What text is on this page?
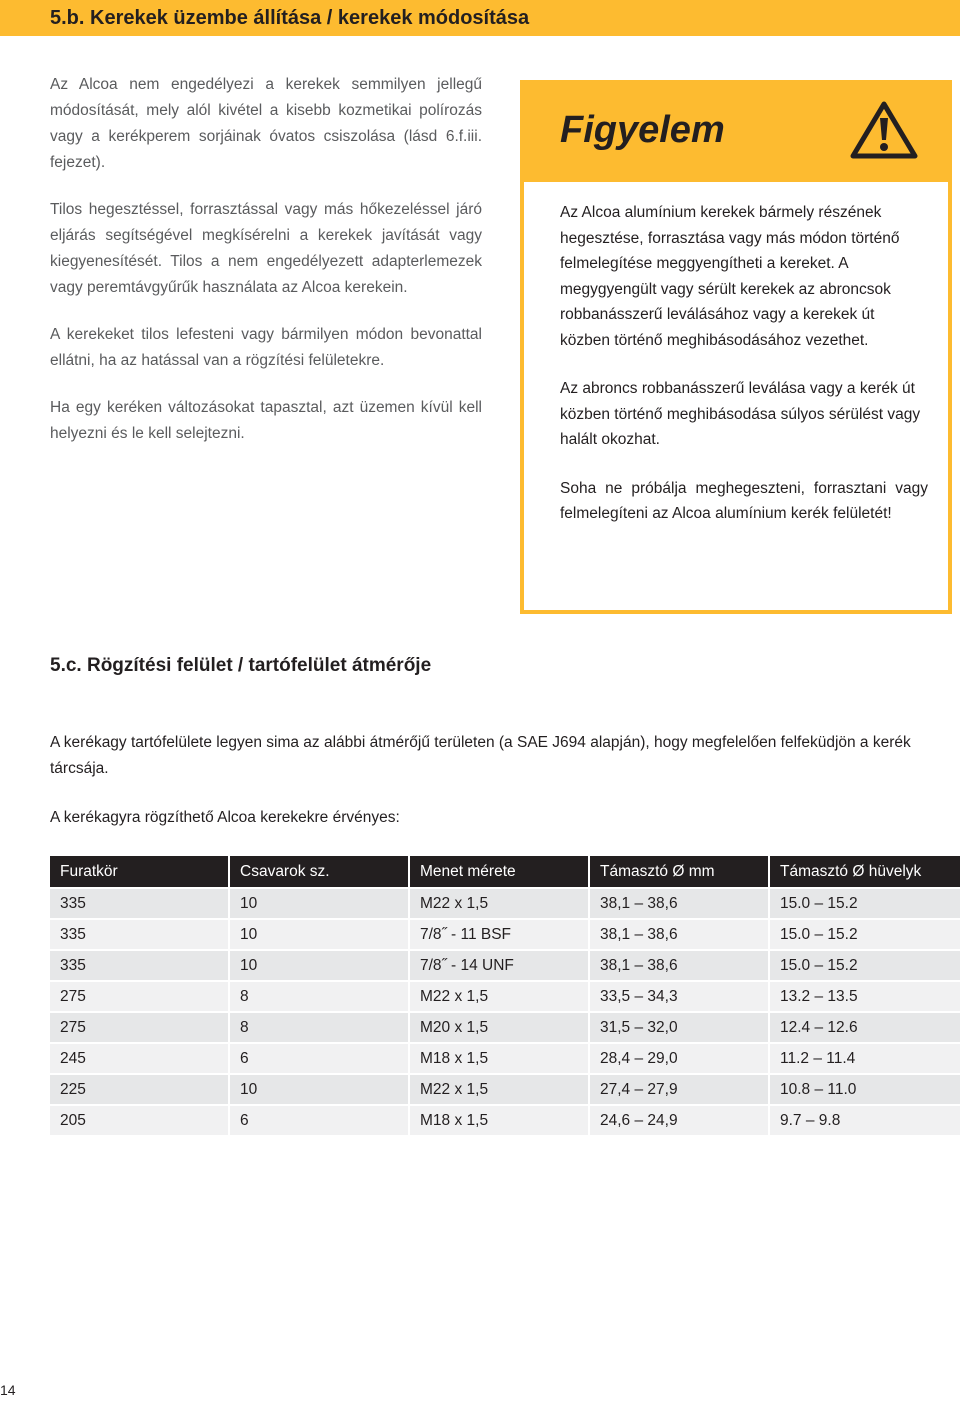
5.b. Kerekek üzembe állítása / kerekek módosítása

Az Alcoa nem engedélyezi a kerekek semmilyen jellegű módosítását, mely alól kivétel a kisebb kozmetikai polírozás vagy a kerékperem sorjáinak óvatos csiszolása (lásd 6.f.iii. fejezet).

Tilos hegesztéssel, forrasztással vagy más hőkezeléssel járó eljárás segítségével megkísérelni a kerekek javítását vagy kiegyenesítését. Tilos a nem engedélyezett adapterlemezek vagy peremtávgyűrűk használata az Alcoa kerekein.

A kerekeket tilos lefesteni vagy bármilyen módon bevonattal ellátni, ha az hatással van a rögzítési felületekre.

Ha egy keréken változásokat tapasztal, azt üzemen kívül kell helyezni és le kell selejtezni.

Figyelem

Az Alcoa alumínium kerekek bármely részének hegesztése, forrasztása vagy más módon történő felmelegítése meggyengítheti a kereket. A megygyengült vagy sérült kerekek az abroncsok robbanásszerű leválásához vagy a kerekek út közben történő meghibásodásához vezethet.

Az abroncs robbanásszerű leválása vagy a kerék út közben történő meghibásodása súlyos sérülést vagy halált okozhat.

Soha ne próbálja meghegeszteni, forrasztani vagy felmelegíteni az Alcoa alumínium kerék felületét!

5.c. Rögzítési felület / tartófelület átmérője

A kerékagy tartófelülete legyen sima az alábbi átmérőjű területen (a SAE J694 alapján), hogy megfelelően felfeküdjön a kerék tárcsája.

A kerékagyra rögzíthető Alcoa kerekekre érvényes:

Furatkör	Csavarok sz.	Menet mérete	Támasztó Ø mm	Támasztó Ø hüvelyk
335	10	M22 x 1,5	38,1 – 38,6	15.0 – 15.2
335	10	7/8˝ - 11 BSF	38,1 – 38,6	15.0 – 15.2
335	10	7/8˝ - 14 UNF	38,1 – 38,6	15.0 – 15.2
275	8	M22 x 1,5	33,5 – 34,3	13.2 – 13.5
275	8	M20 x 1,5	31,5 – 32,0	12.4 – 12.6
245	6	M18 x 1,5	28,4 – 29,0	11.2 – 11.4
225	10	M22 x 1,5	27,4 – 27,9	10.8 – 11.0
205	6	M18 x 1,5	24,6 – 24,9	9.7 – 9.8
14
